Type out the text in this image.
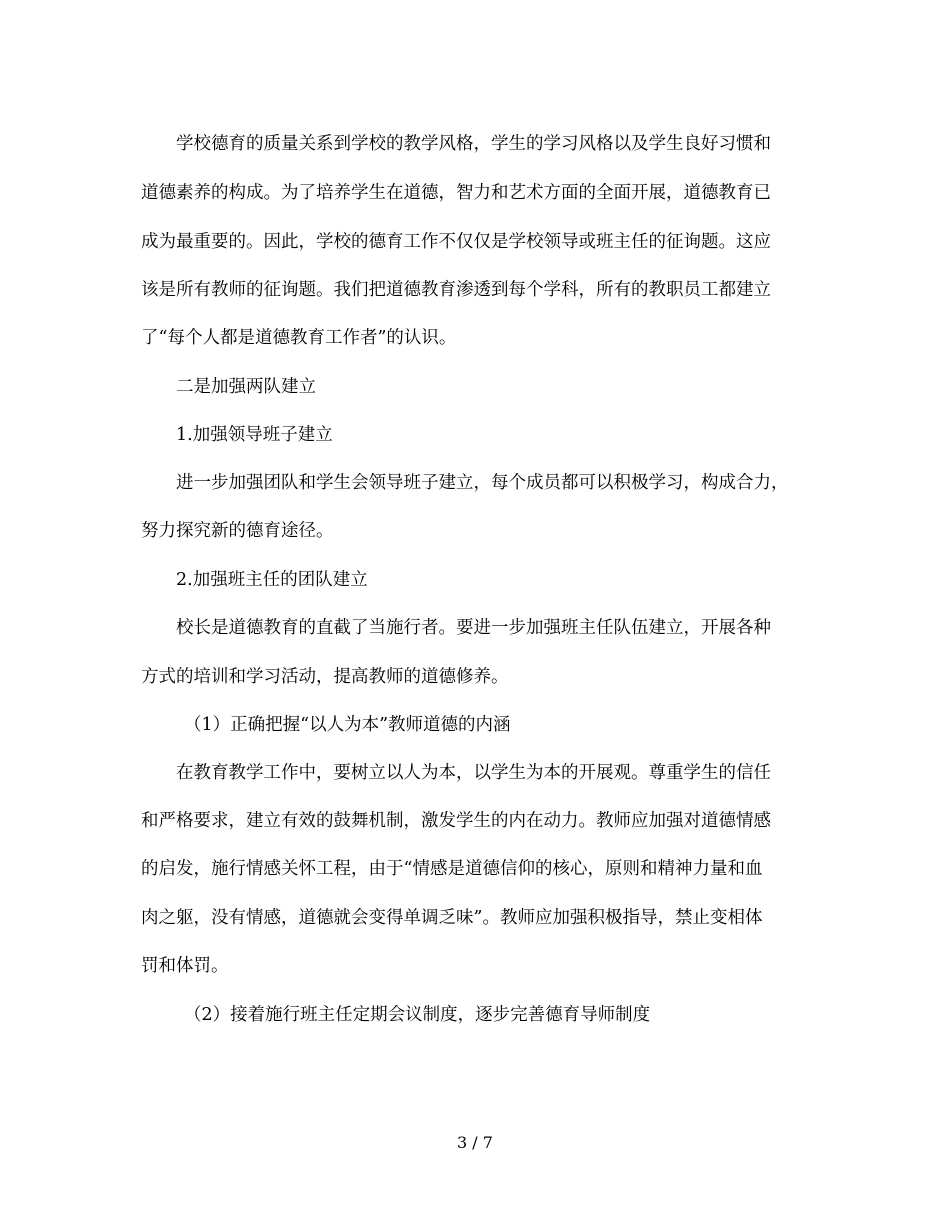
学校德育的质量关系到学校的教学风格，学生的学习风格以及学生良好习惯和
道德素养的构成。为了培养学生在道德，智力和艺术方面的全面开展，道德教育已
成为最重要的。因此，学校的德育工作不仅仅是学校领导或班主任的征询题。这应
该是所有教师的征询题。我们把道德教育渗透到每个学科，所有的教职员工都建立
了“每个人都是道德教育工作者”的认识。
二是加强两队建立
1.加强领导班子建立
进一步加强团队和学生会领导班子建立，每个成员都可以积极学习，构成合力，
努力探究新的德育途径。
2.加强班主任的团队建立
校长是道德教育的直截了当施行者。要进一步加强班主任队伍建立，开展各种
方式的培训和学习活动，提高教师的道德修养。
（1）正确把握“以人为本”教师道德的内涵
在教育教学工作中，要树立以人为本，以学生为本的开展观。尊重学生的信任
和严格要求，建立有效的鼓舞机制，激发学生的内在动力。教师应加强对道德情感
的启发，施行情感关怀工程，由于“情感是道德信仰的核心，原则和精神力量和血
肉之躯，没有情感，道德就会变得单调乏味”。教师应加强积极指导，禁止变相体
罚和体罚。
（2）接着施行班主任定期会议制度，逐步完善德育导师制度
3 / 7
